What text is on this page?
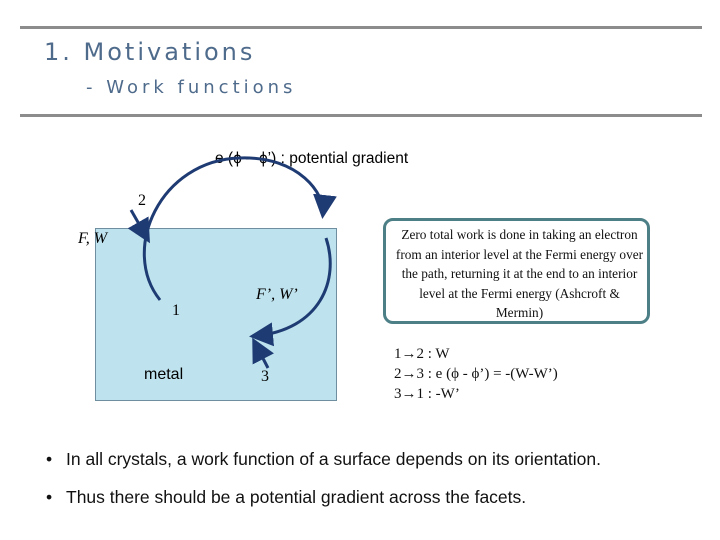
1. Motivations
- Work functions
e (ϕ – ϕ’) : potential gradient
2
F, W
1
F’, W’
metal	3
Zero total work is done in taking an electron from an interior level at the Fermi energy over the path, returning it at the end to an interior level at the Fermi energy (Ashcroft & Mermin)
1→2 : W
2→3 : e (ϕ - ϕ’) = -(W-W’)
3→1 : -W’
• In all crystals, a work function of a surface depends on its orientation.
• Thus there should be a potential gradient across the facets.
